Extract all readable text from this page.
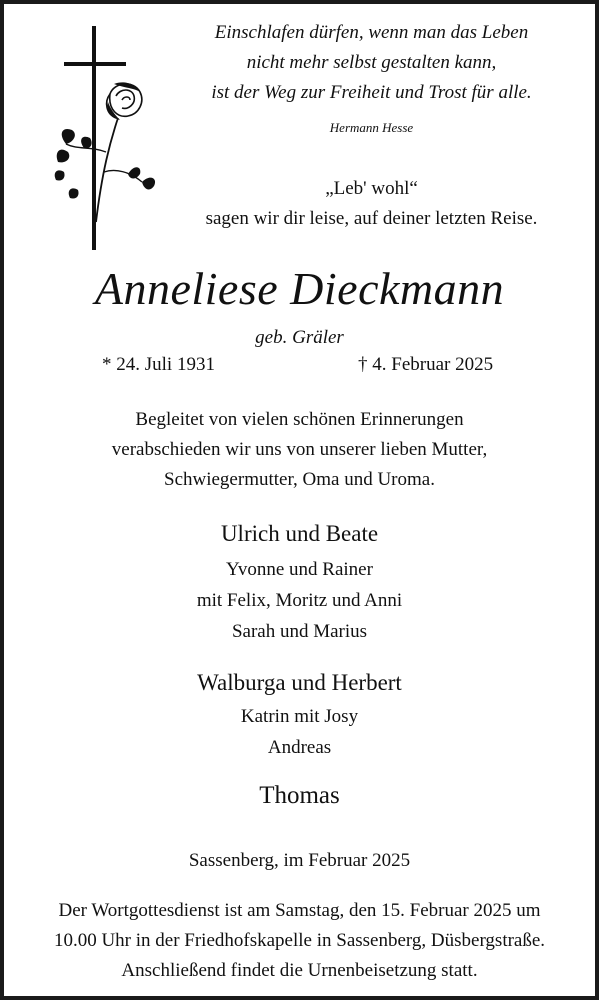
Einschlafen dürfen, wenn man das Leben
nicht mehr selbst gestalten kann,
ist der Weg zur Freiheit und Trost für alle.
Hermann Hesse
„Leb' wohl“
sagen wir dir leise, auf deiner letzten Reise.
Anneliese Dieckmann
geb. Gräler
* 24. Juli 1931	† 4. Februar 2025
Begleitet von vielen schönen Erinnerungen
verabschieden wir uns von unserer lieben Mutter,
Schwiegermutter, Oma und Uroma.
Ulrich und Beate
Yvonne und Rainer
mit Felix, Moritz und Anni
Sarah und Marius
Walburga und Herbert
Katrin mit Josy
Andreas
Thomas
Sassenberg, im Februar 2025
Der Wortgottesdienst ist am Samstag, den 15. Februar 2025 um
10.00 Uhr in der Friedhofskapelle in Sassenberg, Düsbergstraße.
Anschließend findet die Urnenbeisetzung statt.
